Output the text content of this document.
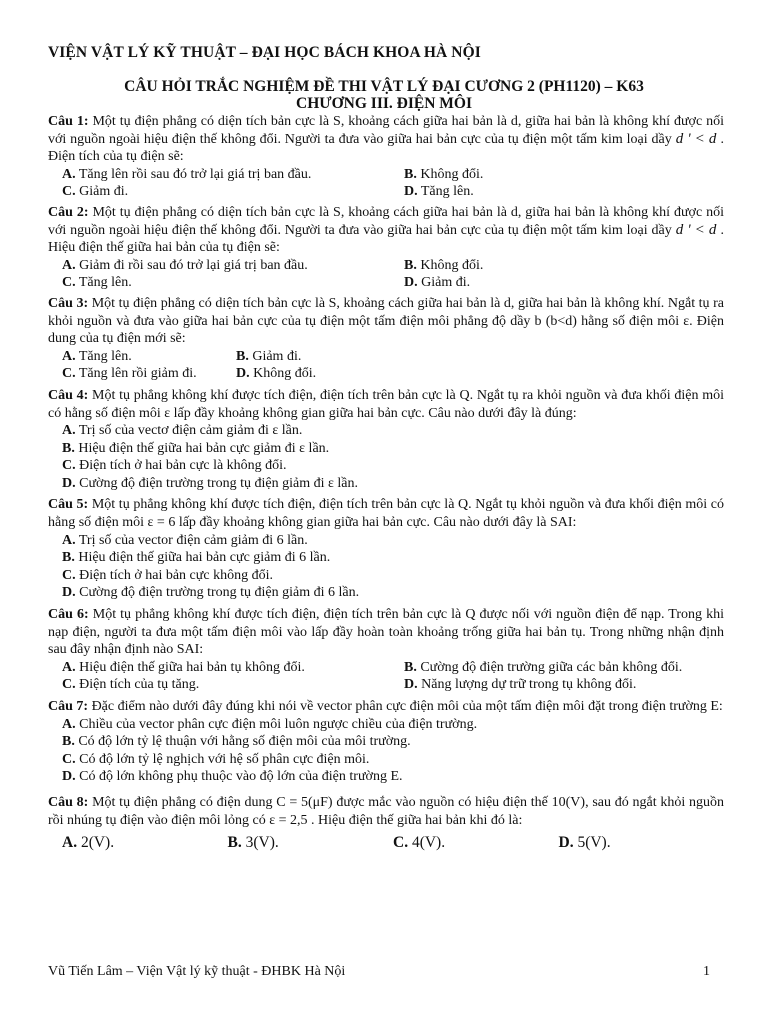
VIỆN VẬT LÝ KỸ THUẬT – ĐẠI HỌC BÁCH KHOA HÀ NỘI
CÂU HỎI TRẮC NGHIỆM ĐỀ THI VẬT LÝ ĐẠI CƯƠNG 2 (PH1120) – K63
CHƯƠNG III. ĐIỆN MÔI
Câu 1: Một tụ điện phẳng có diện tích bản cực là S, khoảng cách giữa hai bản là d, giữa hai bản là không khí được nối với nguồn ngoài hiệu điện thế không đổi. Người ta đưa vào giữa hai bản cực của tụ điện một tấm kim loại dầy d ' < d . Điện tích của tụ điện sẽ:
A. Tăng lên rồi sau đó trở lại giá trị ban đầu.	B. Không đổi.
C. Giảm đi.	D. Tăng lên.
Câu 2: Một tụ điện phẳng có diện tích bản cực là S, khoảng cách giữa hai bản là d, giữa hai bản là không khí được nối với nguồn ngoài hiệu điện thế không đổi. Người ta đưa vào giữa hai bản cực của tụ điện một tấm kim loại dầy d ' < d . Hiệu điện thế giữa hai bản của tụ điện sẽ:
A. Giảm đi rồi sau đó trở lại giá trị ban đầu.	B. Không đổi.
C. Tăng lên.	D. Giảm đi.
Câu 3: Một tụ điện phẳng có diện tích bản cực là S, khoảng cách giữa hai bản là d, giữa hai bản là không khí. Ngắt tụ ra khỏi nguồn và đưa vào giữa hai bản cực của tụ điện một tấm điện môi phẳng độ dầy b (b<d) hằng số điện môi ε. Điện dung của tụ điện mới sẽ:
A. Tăng lên.	B. Giảm đi.
C. Tăng lên rồi giảm đi.	D. Không đổi.
Câu 4: Một tụ phẳng không khí được tích điện, điện tích trên bản cực là Q. Ngắt tụ ra khỏi nguồn và đưa khối điện môi có hằng số điện môi ε lấp đầy khoảng không gian giữa hai bản cực. Câu nào dưới đây là đúng:
A. Trị số của vectơ điện cảm giảm đi ε lần.
B. Hiệu điện thế giữa hai bản cực giảm đi ε lần.
C. Điện tích ở hai bản cực là không đổi.
D. Cường độ điện trường trong tụ điện giảm đi ε lần.
Câu 5: Một tụ phẳng không khí được tích điện, điện tích trên bản cực là Q. Ngắt tụ khỏi nguồn và đưa khối điện môi có hằng số điện môi ε = 6 lấp đầy khoảng không gian giữa hai bản cực. Câu nào dưới đây là SAI:
A. Trị số của vector điện cảm giảm đi 6 lần.
B. Hiệu điện thế giữa hai bản cực giảm đi 6 lần.
C. Điện tích ở hai bản cực không đổi.
D. Cường độ điện trường trong tụ điện giảm đi 6 lần.
Câu 6: Một tụ phẳng không khí được tích điện, điện tích trên bản cực là Q được nối với nguồn điện để nạp. Trong khi nạp điện, người ta đưa một tấm điện môi vào lấp đầy hoàn toàn khoảng trống giữa hai bản tụ. Trong những nhận định sau đây nhận định nào SAI:
A. Hiệu điện thế giữa hai bản tụ không đổi.	B. Cường độ điện trường giữa các bản không đổi.
C. Điện tích của tụ tăng.	D. Năng lượng dự trữ trong tụ không đổi.
Câu 7: Đặc điểm nào dưới đây đúng khi nói về vector phân cực điện môi của một tấm điện môi đặt trong điện trường E:
A. Chiều của vector phân cực điện môi luôn ngược chiều của điện trường.
B. Có độ lớn tỷ lệ thuận với hằng số điện môi của môi trường.
C. Có độ lớn tỷ lệ nghịch với hệ số phân cực điện môi.
D. Có độ lớn không phụ thuộc vào độ lớn của điện trường E.
Câu 8: Một tụ điện phẳng có điện dung C = 5(μF) được mắc vào nguồn có hiệu điện thế 10(V), sau đó ngắt khỏi nguồn rồi nhúng tụ điện vào điện môi lỏng có ε = 2,5 . Hiệu điện thế giữa hai bản khi đó là:
A. 2(V).	B. 3(V).	C. 4(V).	D. 5(V).
Vũ Tiến Lâm – Viện Vật lý kỹ thuật - ĐHBK Hà Nội	1
